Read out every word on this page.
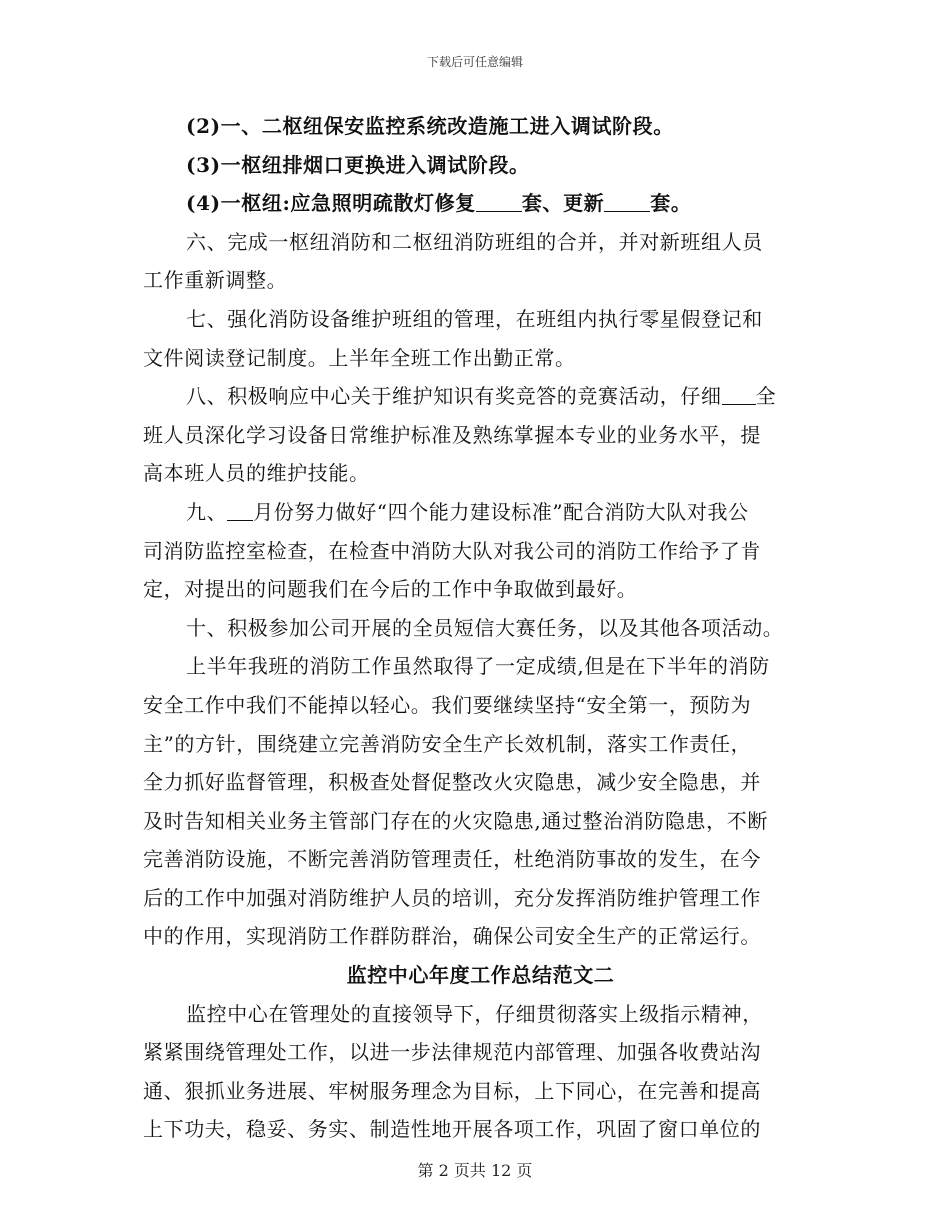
下载后可任意编辑
(2)一、二枢纽保安监控系统改造施工进入调试阶段。
(3)一枢纽排烟口更换进入调试阶段。
(4)一枢纽:应急照明疏散灯修复 套、更新 套。
六、完成一枢纽消防和二枢纽消防班组的合并，并对新班组人员
工作重新调整。
七、强化消防设备维护班组的管理，在班组内执行零星假登记和
文件阅读登记制度。上半年全班工作出勤正常。
八、积极响应中心关于维护知识有奖竞答的竞赛活动，仔细 全
班人员深化学习设备日常维护标准及熟练掌握本专业的业务水平，提
高本班人员的维护技能。
九、 月份努力做好“四个能力建设标准”配合消防大队对我公
司消防监控室检查，在检查中消防大队对我公司的消防工作给予了肯
定，对提出的问题我们在今后的工作中争取做到最好。
十、积极参加公司开展的全员短信大赛任务，以及其他各项活动。
上半年我班的消防工作虽然取得了一定成绩,但是在下半年的消防
安全工作中我们不能掉以轻心。我们要继续坚持“安全第一，预防为
主”的方针，围绕建立完善消防安全生产长效机制，落实工作责任，
全力抓好监督管理，积极查处督促整改火灾隐患，减少安全隐患，并
及时告知相关业务主管部门存在的火灾隐患,通过整治消防隐患，不断
完善消防设施，不断完善消防管理责任，杜绝消防事故的发生，在今
后的工作中加强对消防维护人员的培训，充分发挥消防维护管理工作
中的作用，实现消防工作群防群治，确保公司安全生产的正常运行。
监控中心年度工作总结范文二
监控中心在管理处的直接领导下，仔细贯彻落实上级指示精神，
紧紧围绕管理处工作，以进一步法律规范内部管理、加强各收费站沟
通、狠抓业务进展、牢树服务理念为目标，上下同心，在完善和提高
上下功夫，稳妥、务实、制造性地开展各项工作，巩固了窗口单位的
第 2 页共 12 页
